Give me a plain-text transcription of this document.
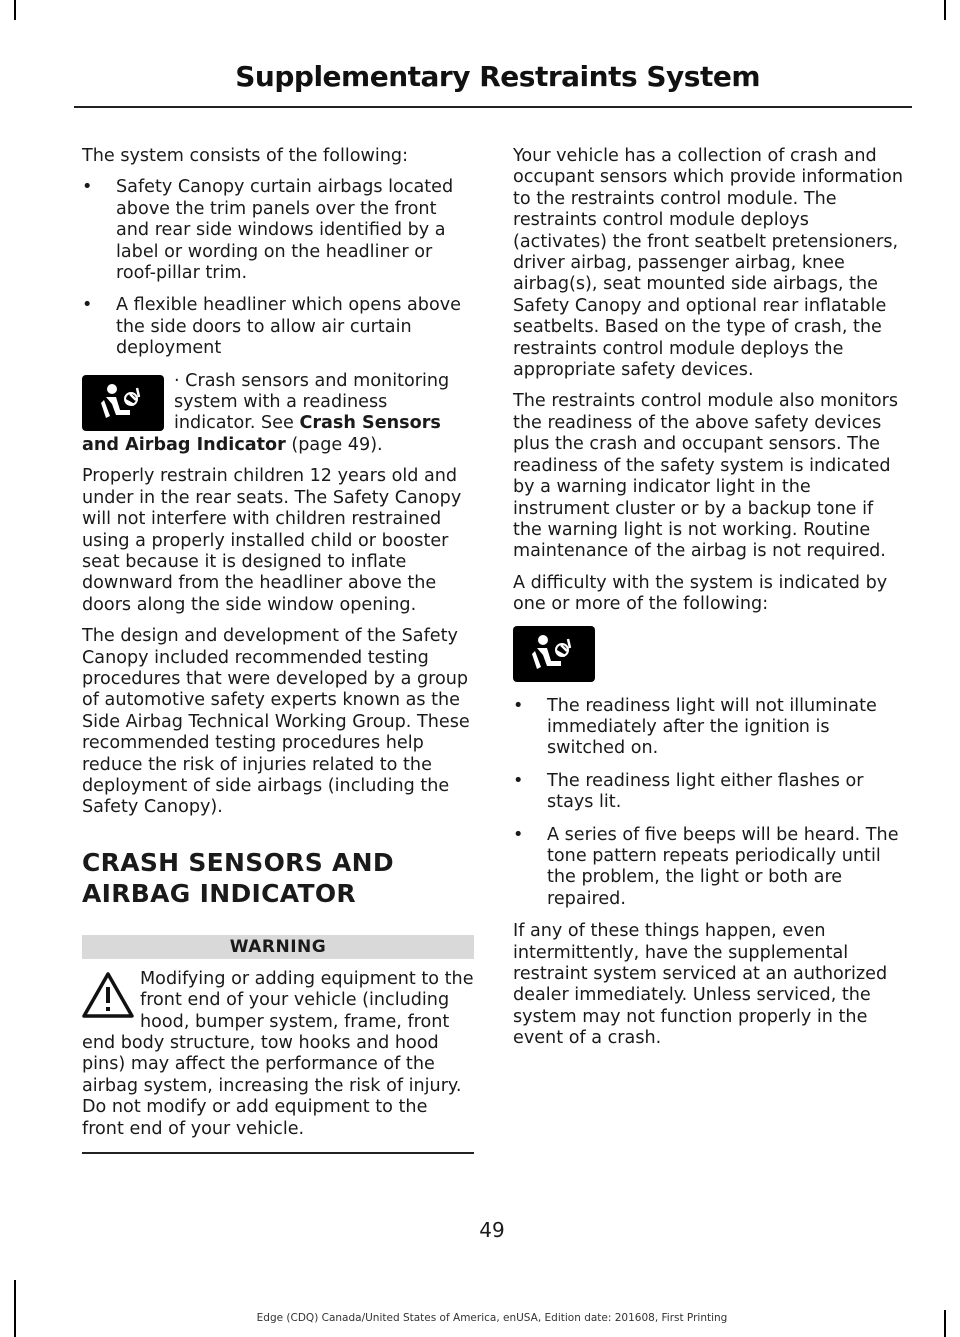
Supplementary Restraints System

The system consists of the following:

• Safety Canopy curtain airbags located above the trim panels over the front and rear side windows identified by a label or wording on the headliner or roof-pillar trim.
• A flexible headliner which opens above the side doors to allow air curtain deployment

· Crash sensors and monitoring system with a readiness indicator. See Crash Sensors and Airbag Indicator (page 49).

Properly restrain children 12 years old and under in the rear seats. The Safety Canopy will not interfere with children restrained using a properly installed child or booster seat because it is designed to inflate downward from the headliner above the doors along the side window opening.

The design and development of the Safety Canopy included recommended testing procedures that were developed by a group of automotive safety experts known as the Side Airbag Technical Working Group. These recommended testing procedures help reduce the risk of injuries related to the deployment of side airbags (including the Safety Canopy).

CRASH SENSORS AND
AIRBAG INDICATOR
WARNING

Modifying or adding equipment to the front end of your vehicle (including hood, bumper system, frame, front end body structure, tow hooks and hood pins) may affect the performance of the airbag system, increasing the risk of injury. Do not modify or add equipment to the front end of your vehicle.

Your vehicle has a collection of crash and occupant sensors which provide information to the restraints control module. The restraints control module deploys (activates) the front seatbelt pretensioners, driver airbag, passenger airbag, knee airbag(s), seat mounted side airbags, the Safety Canopy and optional rear inflatable seatbelts. Based on the type of crash, the restraints control module deploys the appropriate safety devices.

The restraints control module also monitors the readiness of the above safety devices plus the crash and occupant sensors. The readiness of the safety system is indicated by a warning indicator light in the instrument cluster or by a backup tone if the warning light is not working. Routine maintenance of the airbag is not required.

A difficulty with the system is indicated by one or more of the following:

• The readiness light will not illuminate immediately after the ignition is switched on.
• The readiness light either flashes or stays lit.
• A series of five beeps will be heard. The tone pattern repeats periodically until the problem, the light or both are repaired.

If any of these things happen, even intermittently, have the supplemental restraint system serviced at an authorized dealer immediately. Unless serviced, the system may not function properly in the event of a crash.

49
Edge (CDQ) Canada/United States of America, enUSA, Edition date: 201608, First Printing
